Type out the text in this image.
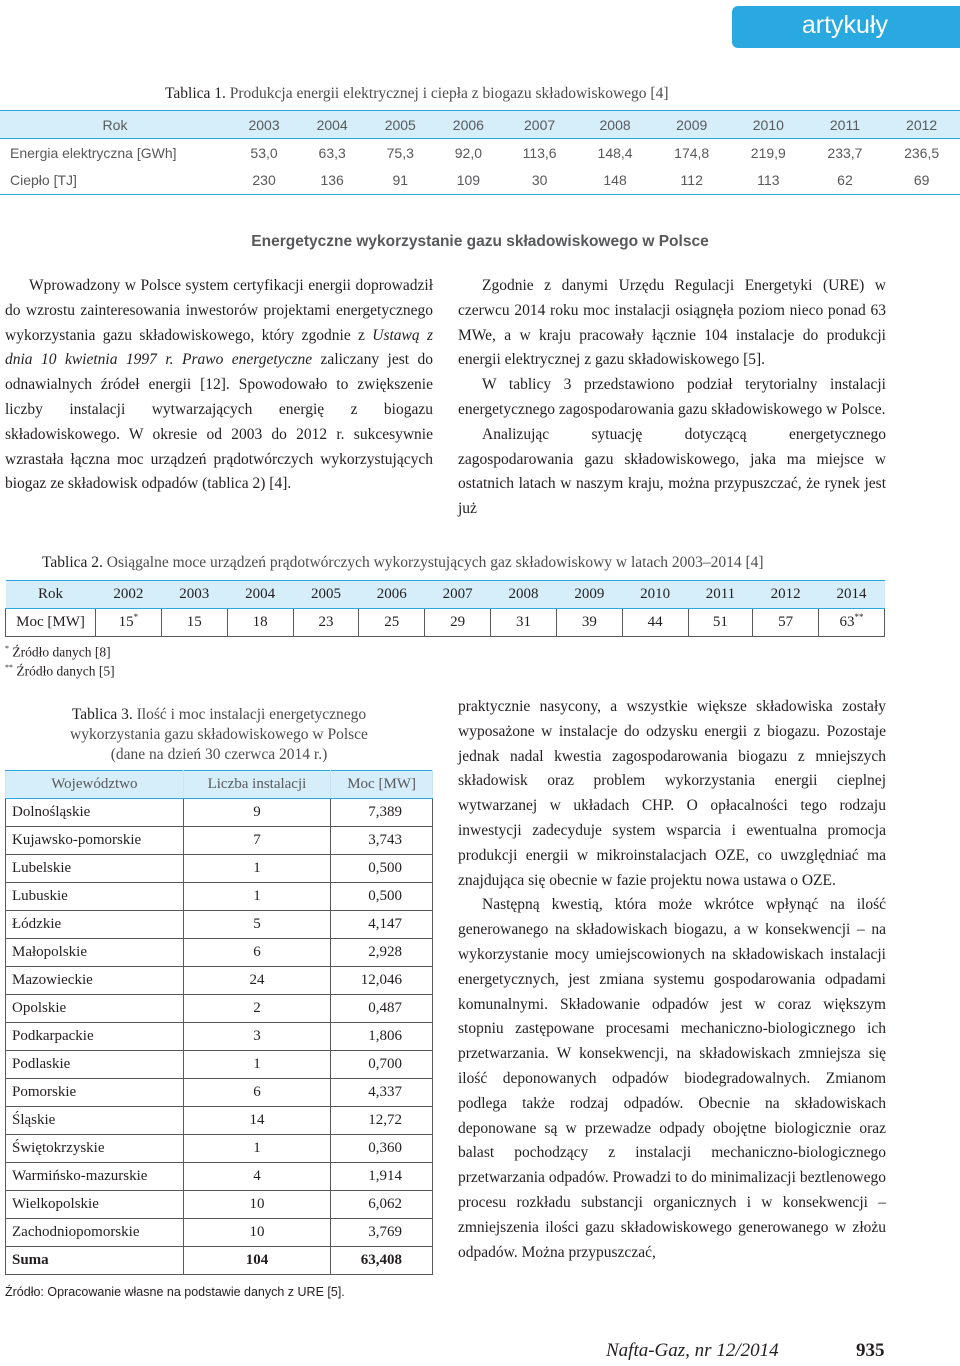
artykuły
Tablica 1. Produkcja energii elektrycznej i ciepła z biogazu składowiskowego [4]
Rok	2003	2004	2005	2006	2007	2008	2009	2010	2011	2012
Energia elektryczna [GWh]	53,0	63,3	75,3	92,0	113,6	148,4	174,8	219,9	233,7	236,5
Ciepło [TJ]	230	136	91	109	30	148	112	113	62	69
Energetyczne wykorzystanie gazu składowiskowego w Polsce

Wprowadzony w Polsce system certyfikacji energii doprowadził do wzrostu zainteresowania inwestorów projektami energetycznego wykorzystania gazu składowiskowego, który zgodnie z Ustawą z dnia 10 kwietnia 1997 r. Prawo energetyczne zaliczany jest do odnawialnych źródeł energii [12]. Spowodowało to zwiększenie liczby instalacji wytwarzających energię z biogazu składowiskowego. W okresie od 2003 do 2012 r. sukcesywnie wzrastała łączna moc urządzeń prądotwórczych wykorzystujących biogaz ze składowisk odpadów (tablica 2) [4].

Zgodnie z danymi Urzędu Regulacji Energetyki (URE) w czerwcu 2014 roku moc instalacji osiągnęła poziom nieco ponad 63 MWe, a w kraju pracowały łącznie 104 instalacje do produkcji energii elektrycznej z gazu składowiskowego [5].

W tablicy 3 przedstawiono podział terytorialny instalacji energetycznego zagospodarowania gazu składowiskowego w Polsce.

Analizując sytuację dotyczącą energetycznego zagospodarowania gazu składowiskowego, jaka ma miejsce w ostatnich latach w naszym kraju, można przypuszczać, że rynek jest już

Tablica 2. Osiągalne moce urządzeń prądotwórczych wykorzystujących gaz składowiskowy w latach 2003–2014 [4]
Rok	2002	2003	2004	2005	2006	2007	2008	2009	2010	2011	2012	2014
Moc [MW]	15*	15	18	23	25	29	31	39	44	51	57	63**
* Źródło danych [8]
** Źródło danych [5]
Tablica 3. Ilość i moc instalacji energetycznego
wykorzystania gazu składowiskowego w Polsce
(dane na dzień 30 czerwca 2014 r.)
Województwo	Liczba instalacji	Moc [MW]
Dolnośląskie	9	7,389
Kujawsko-pomorskie	7	3,743
Lubelskie	1	0,500
Lubuskie	1	0,500
Łódzkie	5	4,147
Małopolskie	6	2,928
Mazowieckie	24	12,046
Opolskie	2	0,487
Podkarpackie	3	1,806
Podlaskie	1	0,700
Pomorskie	6	4,337
Śląskie	14	12,72
Świętokrzyskie	1	0,360
Warmińsko-mazurskie	4	1,914
Wielkopolskie	10	6,062
Zachodniopomorskie	10	3,769
Suma	104	63,408
Źródło: Opracowanie własne na podstawie danych z URE [5].

praktycznie nasycony, a wszystkie większe składowiska zostały wyposażone w instalacje do odzysku energii z biogazu. Pozostaje jednak nadal kwestia zagospodarowania biogazu z mniejszych składowisk oraz problem wykorzystania energii cieplnej wytwarzanej w układach CHP. O opłacalności tego rodzaju inwestycji zadecyduje system wsparcia i ewentualna promocja produkcji energii w mikroinstalacjach OZE, co uwzględniać ma znajdująca się obecnie w fazie projektu nowa ustawa o OZE.

Następną kwestią, która może wkrótce wpłynąć na ilość generowanego na składowiskach biogazu, a w konsekwencji – na wykorzystanie mocy umiejscowionych na składowiskach instalacji energetycznych, jest zmiana systemu gospodarowania odpadami komunalnymi. Składowanie odpadów jest w coraz większym stopniu zastępowane procesami mechaniczno-biologicznego ich przetwarzania. W konsekwencji, na składowiskach zmniejsza się ilość deponowanych odpadów biodegradowalnych. Zmianom podlega także rodzaj odpadów. Obecnie na składowiskach deponowane są w przewadze odpady obojętne biologicznie oraz balast pochodzący z instalacji mechaniczno-biologicznego przetwarzania odpadów. Prowadzi to do minimalizacji beztlenowego procesu rozkładu substancji organicznych i w konsekwencji – zmniejszenia ilości gazu składowiskowego generowanego w złożu odpadów. Można przypuszczać,

Nafta-Gaz, nr 12/2014	935
